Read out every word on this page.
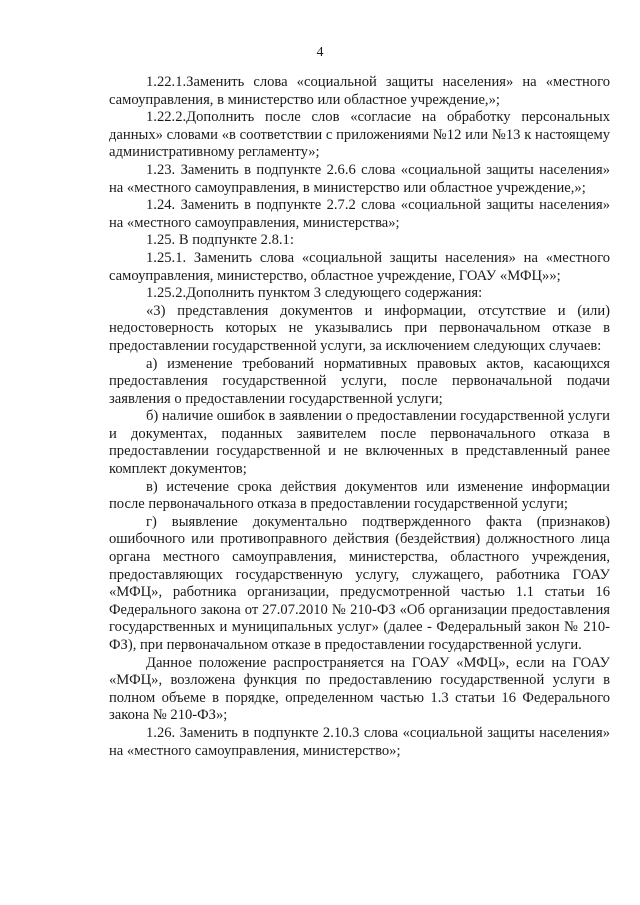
4

1.22.1.Заменить слова «социальной защиты населения» на «местного самоуправления, в министерство или областное учреждение,»;

1.22.2.Дополнить после слов «согласие на обработку персональных данных» словами «в соответствии с приложениями №12 или №13 к настоящему административному регламенту»;

1.23. Заменить в подпункте 2.6.6 слова «социальной защиты населения» на «местного самоуправления, в министерство или областное учреждение,»;

1.24. Заменить в подпункте 2.7.2 слова «социальной защиты населения» на «местного самоуправления, министерства»;

1.25. В подпункте 2.8.1:

1.25.1. Заменить слова «социальной защиты населения» на «местного самоуправления, министерство, областное учреждение, ГОАУ «МФЦ»»;

1.25.2.Дополнить пунктом 3 следующего содержания:

«3) представления документов и информации, отсутствие и (или) недостоверность которых не указывались при первоначальном отказе в предоставлении государственной услуги, за исключением следующих случаев:

а) изменение требований нормативных правовых актов, касающихся предоставления государственной услуги, после первоначальной подачи заявления о предоставлении государственной услуги;

б) наличие ошибок в заявлении о предоставлении государственной услуги и документах, поданных заявителем после первоначального отказа в предоставлении государственной и не включенных в представленный ранее комплект документов;

в) истечение срока действия документов или изменение информации после первоначального отказа в предоставлении государственной услуги;

г) выявление документально подтвержденного факта (признаков) ошибочного или противоправного действия (бездействия) должностного лица органа местного самоуправления, министерства, областного учреждения, предоставляющих государственную услугу, служащего, работника ГОАУ «МФЦ», работника организации, предусмотренной частью 1.1 статьи 16 Федерального закона от 27.07.2010 № 210-ФЗ «Об организации предоставления государственных и муниципальных услуг» (далее - Федеральный закон № 210-ФЗ), при первоначальном отказе в предоставлении государственной услуги.

Данное положение распространяется на ГОАУ «МФЦ», если на ГОАУ «МФЦ», возложена функция по предоставлению государственной услуги в полном объеме в порядке, определенном частью 1.3 статьи 16 Федерального закона № 210-ФЗ»;

1.26. Заменить в подпункте 2.10.3 слова «социальной защиты населения» на «местного самоуправления, министерство»;
